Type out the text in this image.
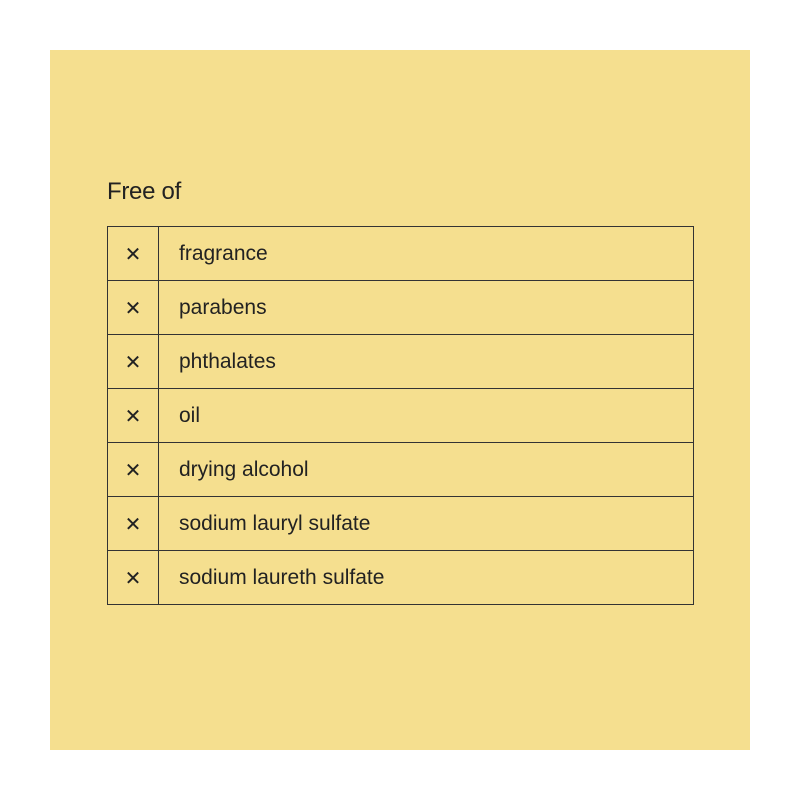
Free of
✕	fragrance
✕	parabens
✕	phthalates
✕	oil
✕	drying alcohol
✕	sodium lauryl sulfate
✕	sodium laureth sulfate
